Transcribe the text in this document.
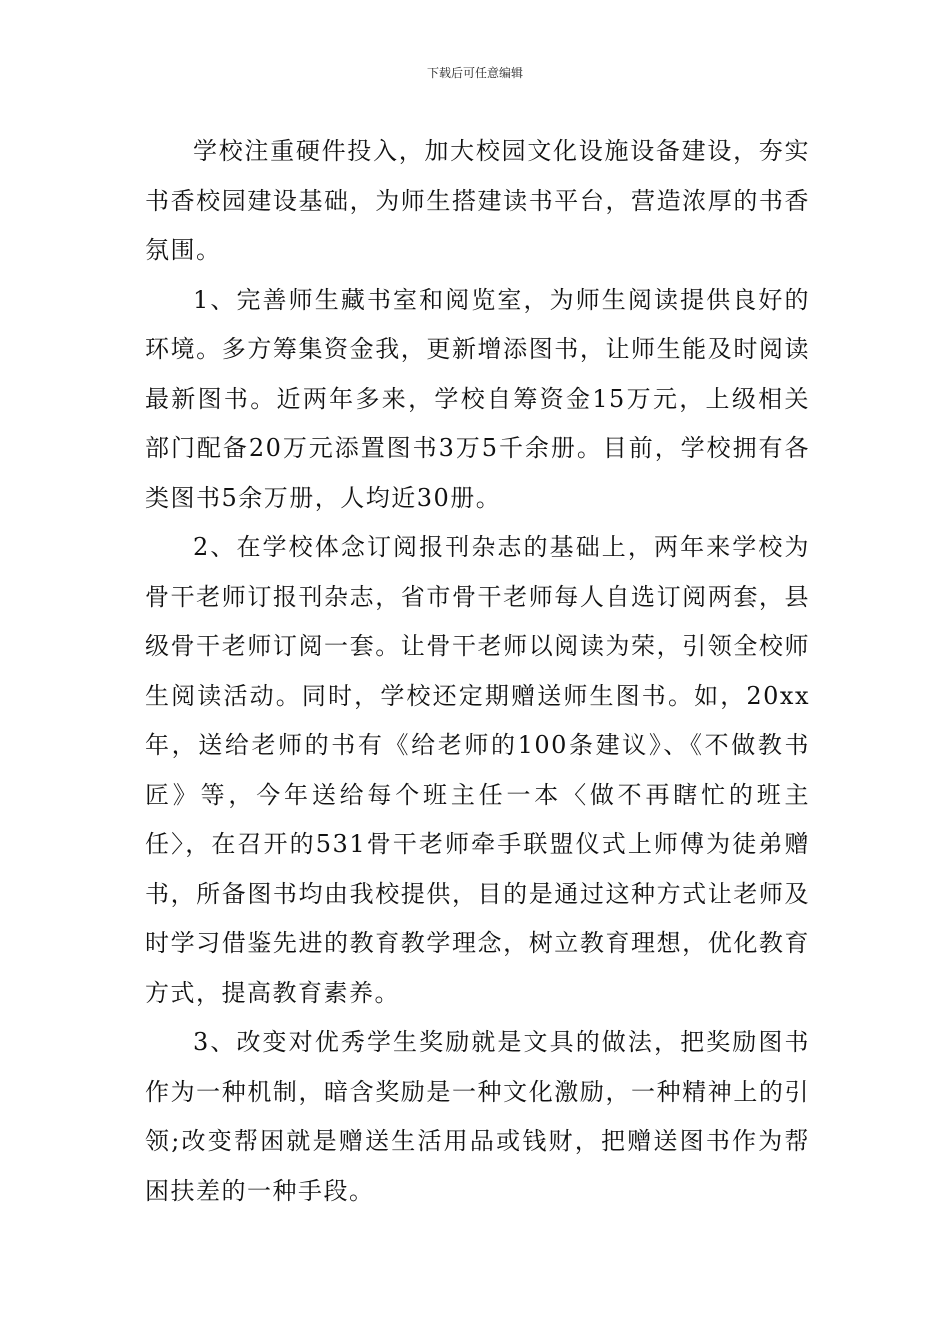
下载后可任意编辑

学校注重硬件投入，加大校园文化设施设备建设，夯实书香校园建设基础，为师生搭建读书平台，营造浓厚的书香氛围。

1、完善师生藏书室和阅览室，为师生阅读提供良好的环境。多方筹集资金我，更新增添图书，让师生能及时阅读最新图书。近两年多来，学校自筹资金15万元，上级相关部门配备20万元添置图书3万5千余册。目前，学校拥有各类图书5余万册，人均近30册。

2、在学校体念订阅报刊杂志的基础上，两年来学校为骨干老师订报刊杂志，省市骨干老师每人自选订阅两套，县级骨干老师订阅一套。让骨干老师以阅读为荣，引领全校师生阅读活动。同时，学校还定期赠送师生图书。如，20xx年，送给老师的书有《给老师的100条建议》、《不做教书匠》等，今年送给每个班主任一本〈做不再瞎忙的班主任〉，在召开的531骨干老师牵手联盟仪式上师傅为徒弟赠书，所备图书均由我校提供，目的是通过这种方式让老师及时学习借鉴先进的教育教学理念，树立教育理想，优化教育方式，提高教育素养。

3、改变对优秀学生奖励就是文具的做法，把奖励图书作为一种机制，暗含奖励是一种文化激励，一种精神上的引领;改变帮困就是赠送生活用品或钱财，把赠送图书作为帮困扶差的一种手段。
